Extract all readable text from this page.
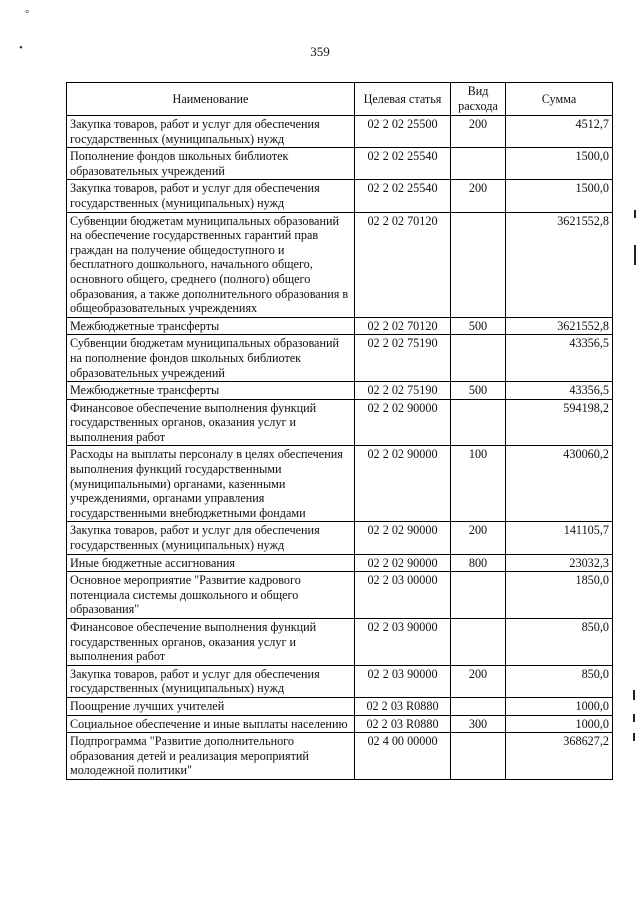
°
•	359
Наименование	Целевая статья	Вид расхода	Сумма
Закупка товаров, работ и услуг для обеспечения государственных (муниципальных) нужд	02 2 02 25500	200	4512,7
Пополнение фондов школьных библиотек образовательных учреждений	02 2 02 25540		1500,0
Закупка товаров, работ и услуг для обеспечения государственных (муниципальных) нужд	02 2 02 25540	200	1500,0
Субвенции бюджетам муниципальных образований на обеспечение государственных гарантий прав граждан на получение общедоступного и бесплатного дошкольного, начального общего, основного общего, среднего (полного) общего образования, а также дополнительного образования в общеобразовательных учреждениях	02 2 02 70120		3621552,8
Межбюджетные трансферты	02 2 02 70120	500	3621552,8
Субвенции бюджетам муниципальных образований на пополнение фондов школьных библиотек образовательных учреждений	02 2 02 75190		43356,5
Межбюджетные трансферты	02 2 02 75190	500	43356,5
Финансовое обеспечение выполнения функций государственных органов, оказания услуг и выполнения работ	02 2 02 90000		594198,2
Расходы на выплаты персоналу в целях обеспечения выполнения функций государственными (муниципальными) органами, казенными учреждениями, органами управления государственными внебюджетными фондами	02 2 02 90000	100	430060,2
Закупка товаров, работ и услуг для обеспечения государственных (муниципальных) нужд	02 2 02 90000	200	141105,7
Иные бюджетные ассигнования	02 2 02 90000	800	23032,3
Основное мероприятие "Развитие кадрового потенциала системы дошкольного и общего образования"	02 2 03 00000		1850,0
Финансовое обеспечение выполнения функций государственных органов, оказания услуг и выполнения работ	02 2 03 90000		850,0
Закупка товаров, работ и услуг для обеспечения государственных (муниципальных) нужд	02 2 03 90000	200	850,0
Поощрение лучших учителей	02 2 03 R0880		1000,0
Социальное обеспечение и иные выплаты населению	02 2 03 R0880	300	1000,0
Подпрограмма "Развитие дополнительного образования детей и реализация мероприятий молодежной политики"	02 4 00 00000		368627,2
